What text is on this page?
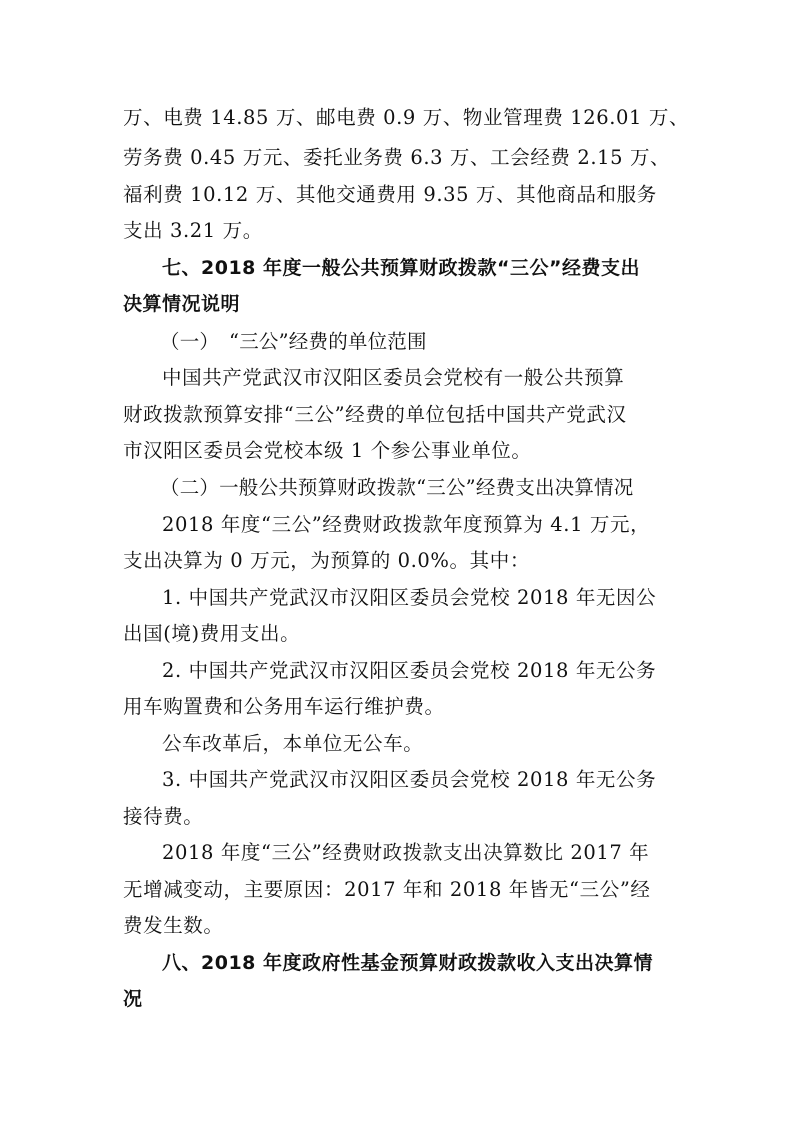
万、电费 14.85 万、邮电费 0.9 万、物业管理费 126.01 万、
劳务费 0.45 万元、委托业务费 6.3 万、工会经费 2.15 万、
福利费 10.12 万、其他交通费用 9.35 万、其他商品和服务
支出 3.21 万。
七、2018 年度一般公共预算财政拨款“三公”经费支出
决算情况说明
（一）　“三公”经费的单位范围
中国共产党武汉市汉阳区委员会党校有一般公共预算
财政拨款预算安排“三公”经费的单位包括中国共产党武汉
市汉阳区委员会党校本级 1 个参公事业单位。
（二）一般公共预算财政拨款“三公”经费支出决算情况
2018 年度“三公”经费财政拨款年度预算为 4.1 万元，
支出决算为 0 万元，为预算的 0.0%。其中：
1. 中国共产党武汉市汉阳区委员会党校 2018 年无因公
出国(境)费用支出。
2. 中国共产党武汉市汉阳区委员会党校 2018 年无公务
用车购置费和公务用车运行维护费。
公车改革后，本单位无公车。
3. 中国共产党武汉市汉阳区委员会党校 2018 年无公务
接待费。
2018 年度“三公”经费财政拨款支出决算数比 2017 年
无增减变动，主要原因：2017 年和 2018 年皆无“三公”经
费发生数。
八、2018 年度政府性基金预算财政拨款收入支出决算情
况
